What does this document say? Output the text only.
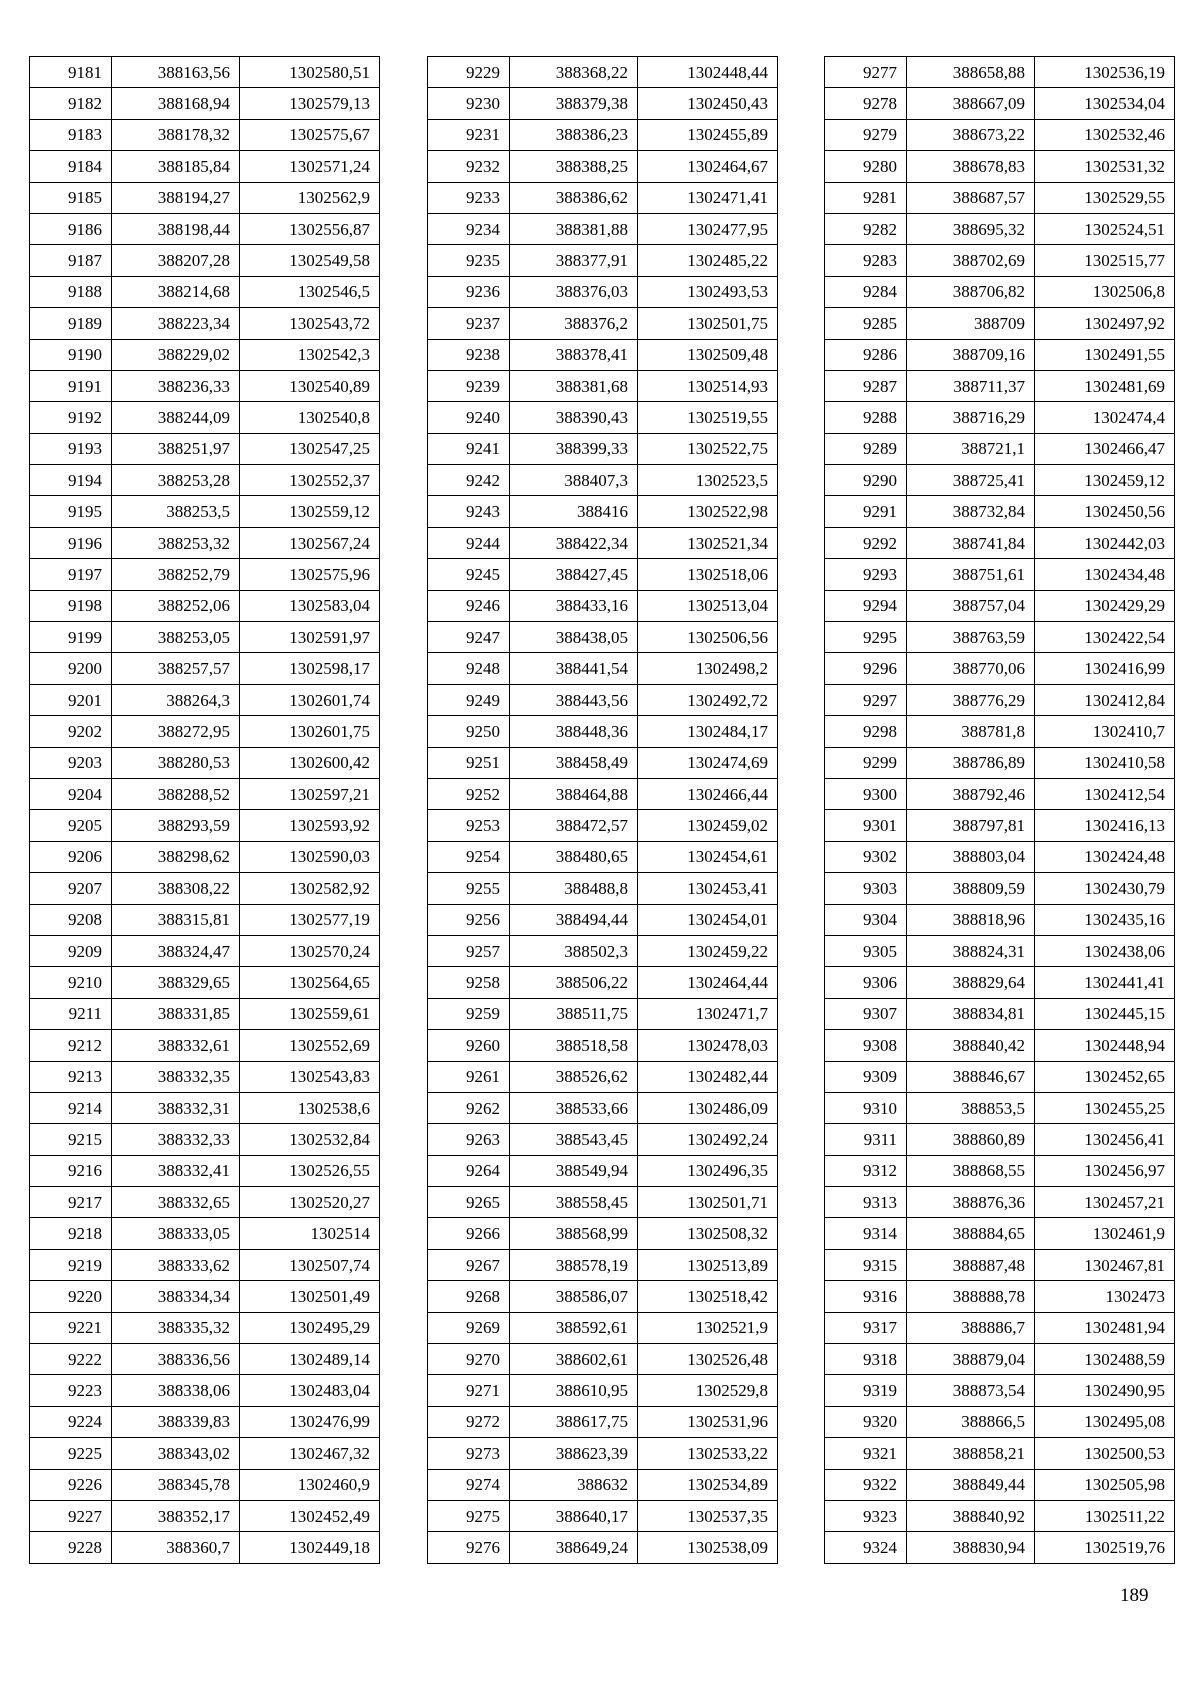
9181	388163,56	1302580,51
9182	388168,94	1302579,13
9183	388178,32	1302575,67
9184	388185,84	1302571,24
9185	388194,27	1302562,9
9186	388198,44	1302556,87
9187	388207,28	1302549,58
9188	388214,68	1302546,5
9189	388223,34	1302543,72
9190	388229,02	1302542,3
9191	388236,33	1302540,89
9192	388244,09	1302540,8
9193	388251,97	1302547,25
9194	388253,28	1302552,37
9195	388253,5	1302559,12
9196	388253,32	1302567,24
9197	388252,79	1302575,96
9198	388252,06	1302583,04
9199	388253,05	1302591,97
9200	388257,57	1302598,17
9201	388264,3	1302601,74
9202	388272,95	1302601,75
9203	388280,53	1302600,42
9204	388288,52	1302597,21
9205	388293,59	1302593,92
9206	388298,62	1302590,03
9207	388308,22	1302582,92
9208	388315,81	1302577,19
9209	388324,47	1302570,24
9210	388329,65	1302564,65
9211	388331,85	1302559,61
9212	388332,61	1302552,69
9213	388332,35	1302543,83
9214	388332,31	1302538,6
9215	388332,33	1302532,84
9216	388332,41	1302526,55
9217	388332,65	1302520,27
9218	388333,05	1302514
9219	388333,62	1302507,74
9220	388334,34	1302501,49
9221	388335,32	1302495,29
9222	388336,56	1302489,14
9223	388338,06	1302483,04
9224	388339,83	1302476,99
9225	388343,02	1302467,32
9226	388345,78	1302460,9
9227	388352,17	1302452,49
9228	388360,7	1302449,18
9229	388368,22	1302448,44
9230	388379,38	1302450,43
9231	388386,23	1302455,89
9232	388388,25	1302464,67
9233	388386,62	1302471,41
9234	388381,88	1302477,95
9235	388377,91	1302485,22
9236	388376,03	1302493,53
9237	388376,2	1302501,75
9238	388378,41	1302509,48
9239	388381,68	1302514,93
9240	388390,43	1302519,55
9241	388399,33	1302522,75
9242	388407,3	1302523,5
9243	388416	1302522,98
9244	388422,34	1302521,34
9245	388427,45	1302518,06
9246	388433,16	1302513,04
9247	388438,05	1302506,56
9248	388441,54	1302498,2
9249	388443,56	1302492,72
9250	388448,36	1302484,17
9251	388458,49	1302474,69
9252	388464,88	1302466,44
9253	388472,57	1302459,02
9254	388480,65	1302454,61
9255	388488,8	1302453,41
9256	388494,44	1302454,01
9257	388502,3	1302459,22
9258	388506,22	1302464,44
9259	388511,75	1302471,7
9260	388518,58	1302478,03
9261	388526,62	1302482,44
9262	388533,66	1302486,09
9263	388543,45	1302492,24
9264	388549,94	1302496,35
9265	388558,45	1302501,71
9266	388568,99	1302508,32
9267	388578,19	1302513,89
9268	388586,07	1302518,42
9269	388592,61	1302521,9
9270	388602,61	1302526,48
9271	388610,95	1302529,8
9272	388617,75	1302531,96
9273	388623,39	1302533,22
9274	388632	1302534,89
9275	388640,17	1302537,35
9276	388649,24	1302538,09
9277	388658,88	1302536,19
9278	388667,09	1302534,04
9279	388673,22	1302532,46
9280	388678,83	1302531,32
9281	388687,57	1302529,55
9282	388695,32	1302524,51
9283	388702,69	1302515,77
9284	388706,82	1302506,8
9285	388709	1302497,92
9286	388709,16	1302491,55
9287	388711,37	1302481,69
9288	388716,29	1302474,4
9289	388721,1	1302466,47
9290	388725,41	1302459,12
9291	388732,84	1302450,56
9292	388741,84	1302442,03
9293	388751,61	1302434,48
9294	388757,04	1302429,29
9295	388763,59	1302422,54
9296	388770,06	1302416,99
9297	388776,29	1302412,84
9298	388781,8	1302410,7
9299	388786,89	1302410,58
9300	388792,46	1302412,54
9301	388797,81	1302416,13
9302	388803,04	1302424,48
9303	388809,59	1302430,79
9304	388818,96	1302435,16
9305	388824,31	1302438,06
9306	388829,64	1302441,41
9307	388834,81	1302445,15
9308	388840,42	1302448,94
9309	388846,67	1302452,65
9310	388853,5	1302455,25
9311	388860,89	1302456,41
9312	388868,55	1302456,97
9313	388876,36	1302457,21
9314	388884,65	1302461,9
9315	388887,48	1302467,81
9316	388888,78	1302473
9317	388886,7	1302481,94
9318	388879,04	1302488,59
9319	388873,54	1302490,95
9320	388866,5	1302495,08
9321	388858,21	1302500,53
9322	388849,44	1302505,98
9323	388840,92	1302511,22
9324	388830,94	1302519,76
189
